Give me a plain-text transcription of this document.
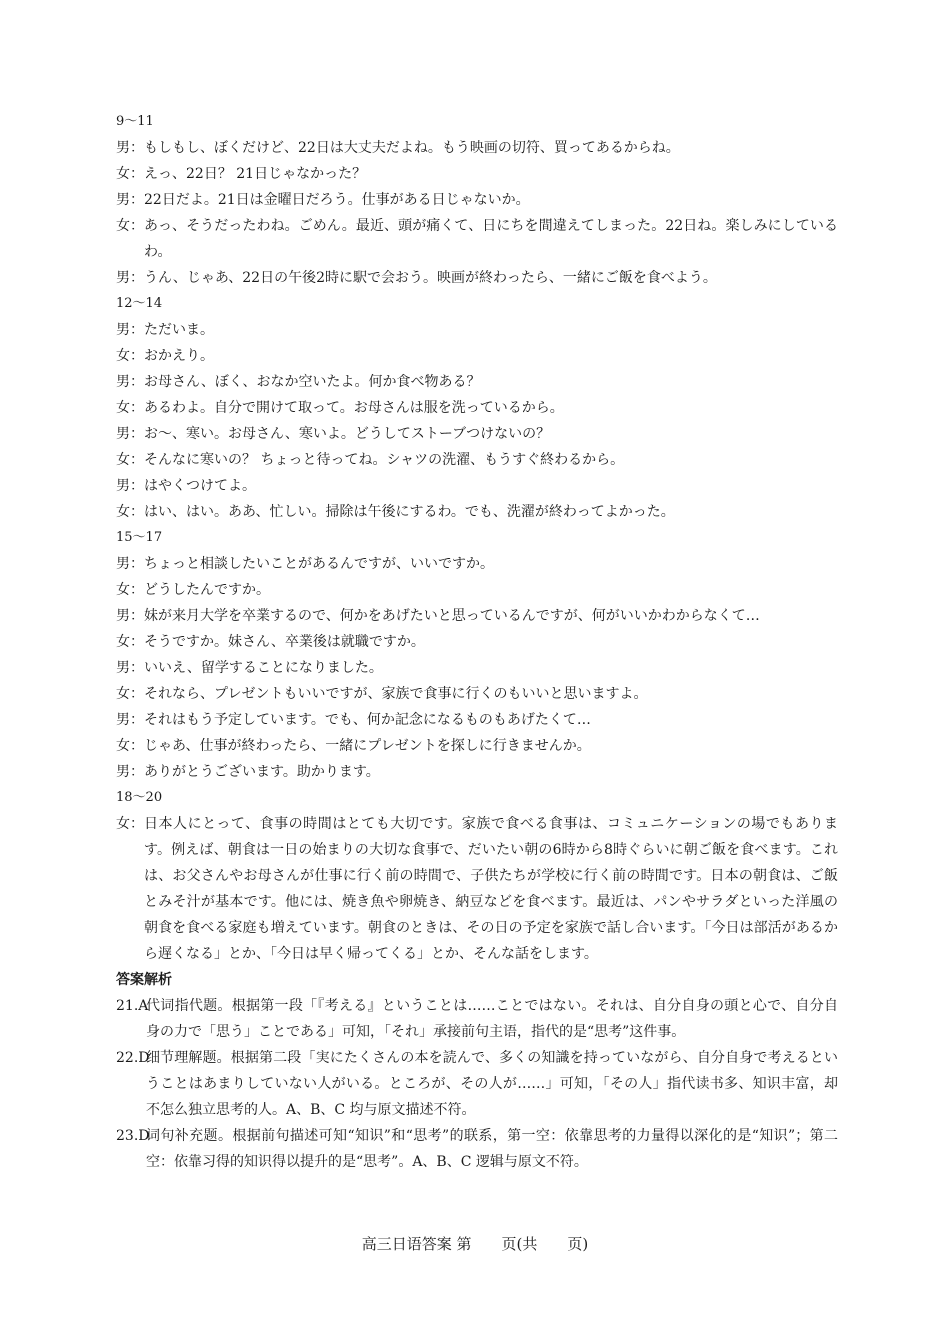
9～11
男： もしもし、ぼくだけど、22日は大丈夫だよね。もう映画の切符、買ってあるからね。
女： えっ、22日？ 21日じゃなかった？
男： 22日だよ。21日は金曜日だろう。仕事がある日じゃないか。
女： あっ、そうだったわね。ごめん。最近、頭が痛くて、日にちを間違えてしまった。22日ね。楽しみにしているわ。
男： うん、じゃあ、22日の午後2時に駅で会おう。映画が終わったら、一緒にご飯を食べよう。
12～14
男： ただいま。
女： おかえり。
男： お母さん、ぼく、おなか空いたよ。何か食べ物ある？
女： あるわよ。自分で開けて取って。お母さんは服を洗っているから。
男： お～、寒い。お母さん、寒いよ。どうしてストーブつけないの？
女： そんなに寒いの？ ちょっと待ってね。シャツの洗濯、もうすぐ終わるから。
男： はやくつけてよ。
女： はい、はい。ああ、忙しい。掃除は午後にするわ。でも、洗濯が終わってよかった。
15～17
男： ちょっと相談したいことがあるんですが、いいですか。
女： どうしたんですか。
男： 妹が来月大学を卒業するので、何かをあげたいと思っているんですが、何がいいかわからなくて…
女： そうですか。妹さん、卒業後は就職ですか。
男： いいえ、留学することになりました。
女： それなら、プレゼントもいいですが、家族で食事に行くのもいいと思いますよ。
男： それはもう予定しています。でも、何か記念になるものもあげたくて…
女： じゃあ、仕事が終わったら、一緒にプレゼントを探しに行きませんか。
男： ありがとうございます。助かります。
18～20
女： 日本人にとって、食事の時間はとても大切です。家族で食べる食事は、コミュニケーションの場でもあります。例えば、朝食は一日の始まりの大切な食事で、だいたい朝の6時から8時ぐらいに朝ご飯を食べます。これは、お父さんやお母さんが仕事に行く前の時間で、子供たちが学校に行く前の時間です。日本の朝食は、ご飯とみそ汁が基本です。他には、焼き魚や卵焼き、納豆などを食べます。最近は、パンやサラダといった洋風の朝食を食べる家庭も増えています。朝食のときは、その日の予定を家族で話し合います。「今日は部活があるから遅くなる」とか、「今日は早く帰ってくる」とか、そんな話をします。
答案解析
21.A
代词指代题。根据第一段「『考える』ということは……ことではない。それは、自分自身の頭と心で、自分自身の力で「思う」ことである」可知，「それ」承接前句主语，指代的是“思考”这件事。
22.D
细节理解题。根据第二段「実にたくさんの本を読んで、多くの知識を持っていながら、自分自身で考えるということはあまりしていない人がいる。ところが、その人が……」可知，「その人」指代读书多、知识丰富，却不怎么独立思考的人。A、B、C 均与原文描述不符。
23.D
词句补充题。根据前句描述可知“知识”和“思考”的联系，第一空：依靠思考的力量得以深化的是“知识”；第二空：依靠习得的知识得以提升的是“思考”。A、B、C 逻辑与原文不符。
高三日语答案 第　　页(共　　页)
